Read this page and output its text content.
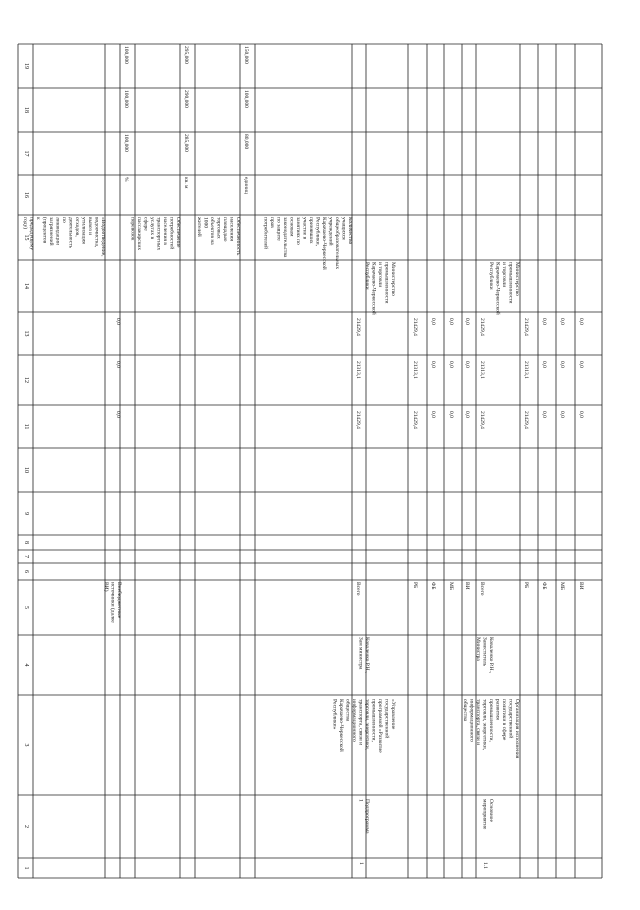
1
2
3
4
5
6
7
8
9
10
11
12
13
14
15
16
17
18
19
«Водоотведение,
водоочистка,
вывоз и
утилизация
отходов,
деятельность
по
ликвидации
загрязнений
(процентов
к
предыдущему
году)
Внебюджетные
источники (далее
ВИ)
0,0
0,0
0,0
Обеспечение
потребностей
населения в
транспортных
услугах в
сфере
пассажирских
перевозок
%
100,000
100,000
100,000
Обеспеченность
населения
площадью
торговых
объектов на
1000
жителей
кв. м
285,000
290,000
295,000
Количество
учащихся
общеобразовательных
учреждений
Карачаево-Черкесской
Республики,
принявших
участие в
занятиях по
основам
законодательства
по защите
прав
потребителей
единиц
80,000
100,000
150,000
1
Подпрограмма
1
«Управление
государственной
программой «Развитие
промышленности,
торговли, энергетики,
транспорта, связи и
информационного
общества
Карачаево-Черкесской
Республики»
Коваленко Р.Н.,
Зам министра
Министерство
промышленности
и торговли
Карачаево-Черкесской
Республики
Всего
21429,4
21313,1
21429,4
РБ
21429,4
21313,1
21429,4
ФБ
0,0
0,0
0,0
МБ
0,0
0,0
0,0
ВИ
0,0
0,0
0,0
1.1
Основное
мероприятие
Организация исполнения
государственной
политики в сфере
развития
промышленности,
торговли, энергетики,
транспорта, связи и
информационного
общества
Коваленко Р.Н.,
Заместитель
Министра
Министерство
промышленности
и торговли
Карачаево-Черкесской
Республики
Всего
21429,4
21313,1
21429,4
РБ
21429,4
21313,1
21429,4
ФБ
0,0
0,0
0,0
МБ
0,0
0,0
0,0
ВИ
0,0
0,0
0,0
